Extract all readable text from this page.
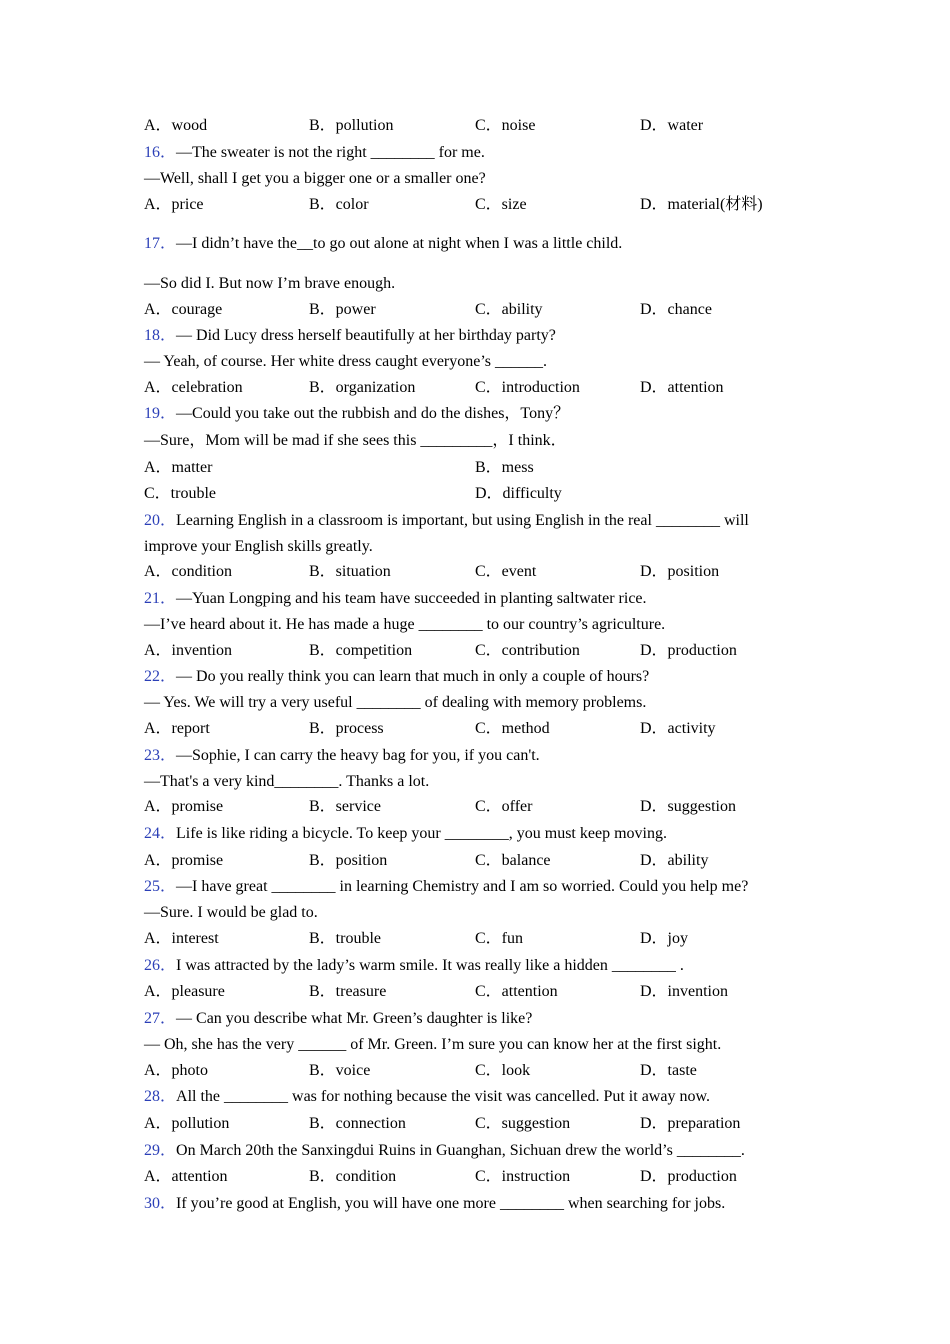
A．wood	B．pollution	C．noise	D．water
16．—The sweater is not the right ________ for me.
—Well, shall I get you a bigger one or a smaller one?
A．price	B．color	C．size	D．material(材料)
17．—I didn’t have the__to go out alone at night when I was a little child.
—So did I. But now I’m brave enough.
A．courage	B．power	C．ability	D．chance
18．— Did Lucy dress herself beautifully at her birthday party?
— Yeah, of course. Her white dress caught everyone’s ______.
A．celebration	B．organization	C．introduction	D．attention
19．—Could you take out the rubbish and do the dishes，Tony？
—Sure，Mom will be mad if she sees this _________，I think．
A．matter	B．mess
C．trouble	D．difficulty
20．Learning English in a classroom is important, but using English in the real ________ will
improve your English skills greatly.
A．condition	B．situation	C．event	D．position
21．—Yuan Longping and his team have succeeded in planting saltwater rice.
—I’ve heard about it. He has made a huge ________ to our country’s agriculture.
A．invention	B．competition	C．contribution	D．production
22．— Do you really think you can learn that much in only a couple of hours?
— Yes. We will try a very useful ________ of dealing with memory problems.
A．report	B．process	C．method	D．activity
23．—Sophie, I can carry the heavy bag for you, if you can't.
—That's a very kind________. Thanks a lot.
A．promise	B．service	C．offer	D．suggestion
24．Life is like riding a bicycle. To keep your ________, you must keep moving.
A．promise	B．position	C．balance	D．ability
25．—I have great ________ in learning Chemistry and I am so worried. Could you help me?
—Sure. I would be glad to.
A．interest	B．trouble	C．fun	D．joy
26．I was attracted by the lady’s warm smile. It was really like a hidden ________ .
A．pleasure	B．treasure	C．attention	D．invention
27．— Can you describe what Mr. Green’s daughter is like?
— Oh, she has the very ______ of Mr. Green. I’m sure you can know her at the first sight.
A．photo	B．voice	C．look	D．taste
28．All the ________ was for nothing because the visit was cancelled. Put it away now.
A．pollution	B．connection	C．suggestion	D．preparation
29．On March 20th the Sanxingdui Ruins in Guanghan, Sichuan drew the world’s ________.
A．attention	B．condition	C．instruction	D．production
30．If you’re good at English, you will have one more ________ when searching for jobs.
